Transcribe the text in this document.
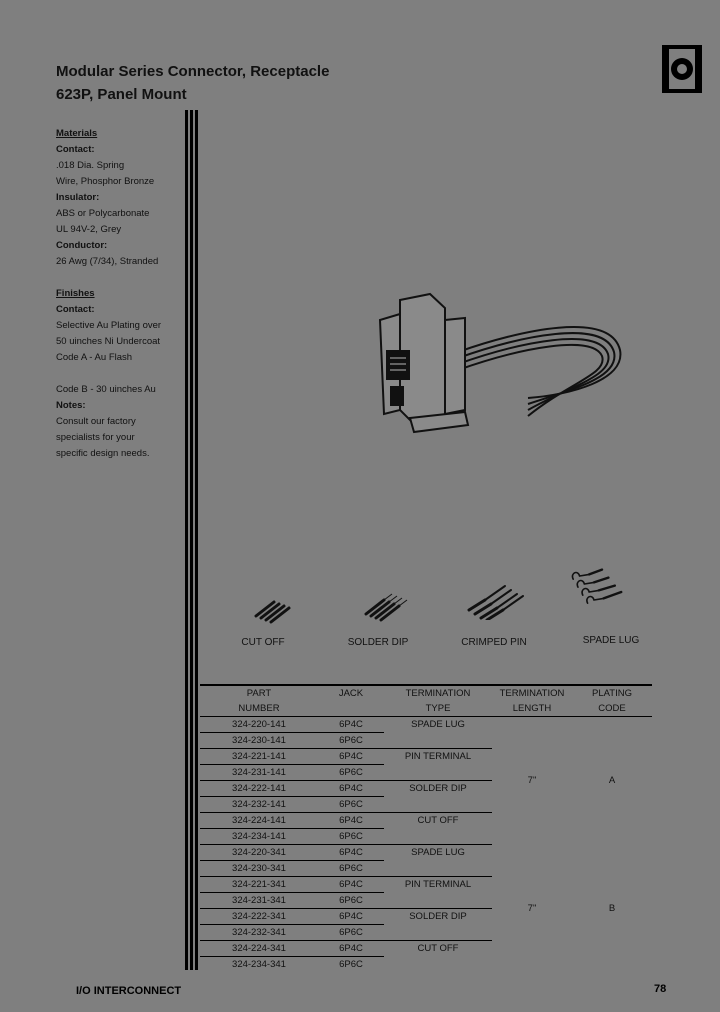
Modular Series Connector, Receptacle
623P, Panel Mount
Materials
Contact:
.018 Dia. Spring
Wire, Phosphor Bronze
Insulator:
ABS or Polycarbonate
UL 94V-2, Grey
Conductor:
26 Awg (7/34), Stranded
Finishes
Contact:
Selective Au Plating over
50 uinches Ni Undercoat
Code A - Au Flash
Code B - 30 uinches Au
Notes:
Consult our factory
specialists for your
specific design needs.
CUT OFF	SOLDER DIP	CRIMPED PIN	SPADE LUG
PART	JACK	TERMINATION	TERMINATION	PLATING
NUMBER		TYPE	LENGTH	CODE
324-220-141	6P4C	SPADE LUG	7"	A
324-230-141	6P6C			
324-221-141	6P4C	PIN TERMINAL		
324-231-141	6P6C			
324-222-141	6P4C	SOLDER DIP		
324-232-141	6P6C			
324-224-141	6P4C	CUT OFF		
324-234-141	6P6C			
324-220-341	6P4C	SPADE LUG	7"	B
324-230-341	6P6C			
324-221-341	6P4C	PIN TERMINAL		
324-231-341	6P6C			
324-222-341	6P4C	SOLDER DIP		
324-232-341	6P6C			
324-224-341	6P4C	CUT OFF		
324-234-341	6P6C			
I/O INTERCONNECT	78
